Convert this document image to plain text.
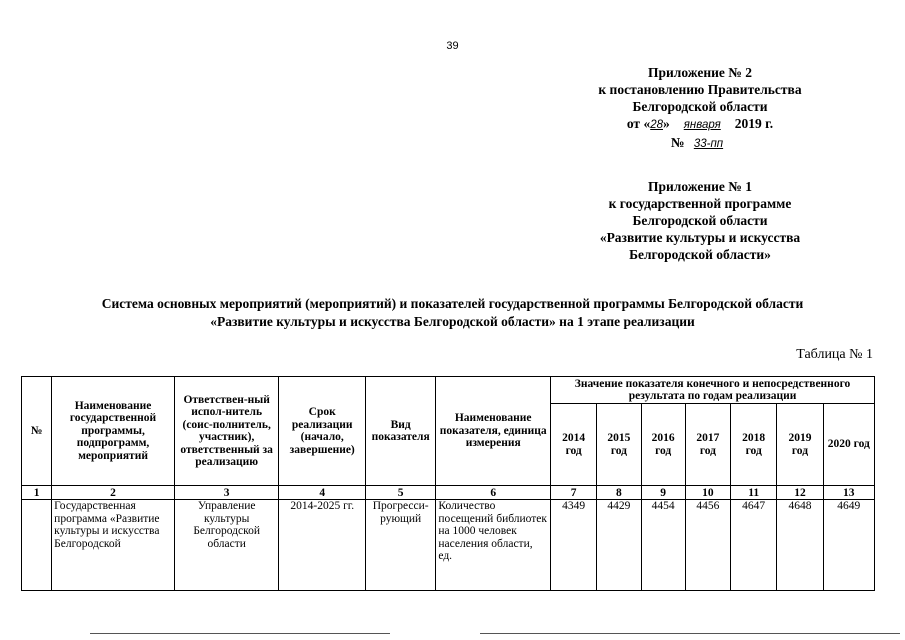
39
Приложение № 2
к постановлению Правительства
Белгородской области
от «28» января 2019 г.
№ 33-пп
Приложение № 1
к государственной программе
Белгородской области
«Развитие культуры и искусства
Белгородской области»
Система основных мероприятий (мероприятий) и показателей государственной программы Белгородской области
«Развитие культуры и искусства Белгородской области» на 1 этапе реализации
Таблица № 1
№	Наименование государственной программы, подпрограмм, мероприятий	Ответствен-ный испол-нитель (соис-полнитель, участник), ответственный за реализацию	Срок реализации (начало, завершение)	Вид показателя	Наименование показателя, единица измерения	Значение показателя конечного и непосредственного результата по годам реализации						
						2014 год	2015 год	2016 год	2017 год	2018 год	2019 год	2020 год
1	2	3	4	5	6	7	8	9	10	11	12	13
	Государственная программа «Развитие культуры и искусства Белгородской	Управление культуры Белгородской области	2014-2025 гг.	Прогресси-рующий	Количество посещений библиотек на 1000 человек населения области, ед.	4349	4429	4454	4456	4647	4648	4649
